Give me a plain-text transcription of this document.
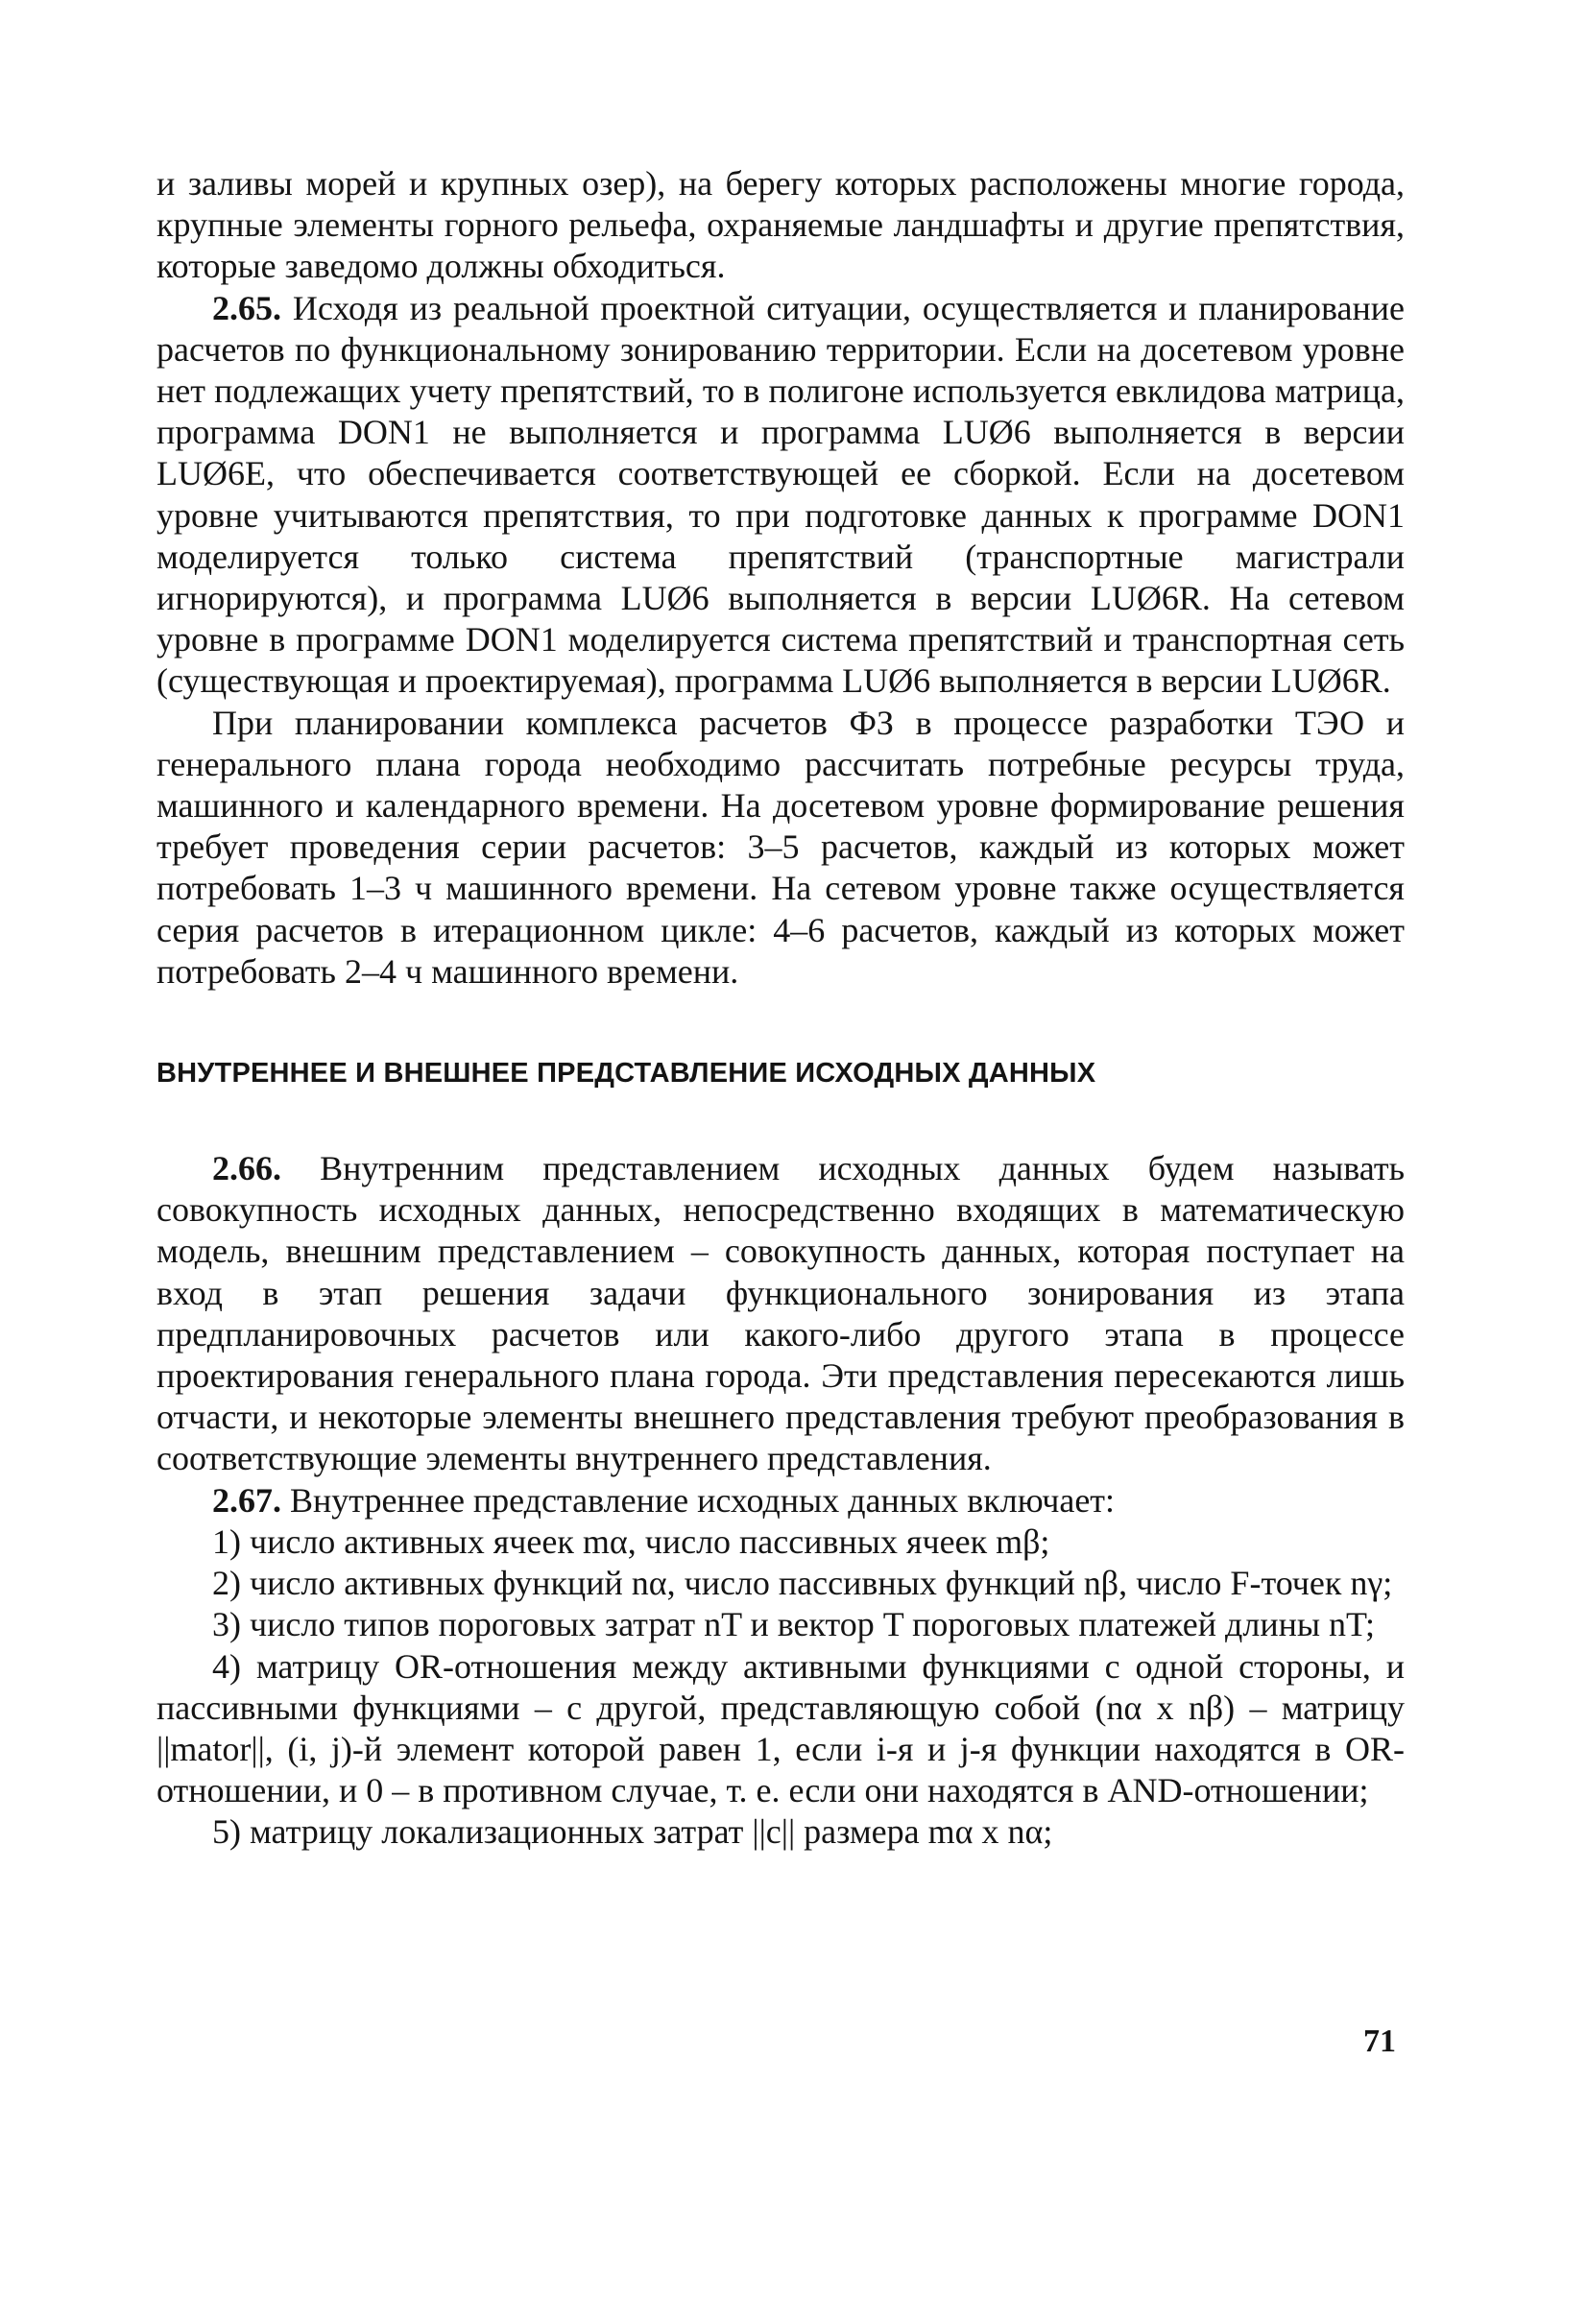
и заливы морей и крупных озер), на берегу которых расположены многие города, крупные элементы горного рельефа, охраняемые ландшафты и другие препятствия, которые заведомо должны обходиться.

2.65. Исходя из реальной проектной ситуации, осуществляется и планирование расчетов по функциональному зонированию территории. Если на досетевом уровне нет подлежащих учету препятствий, то в полигоне используется евклидова матрица, программа DON1 не выполняется и программа LUØ6 выполняется в версии LUØ6E, что обеспечивается соответствующей ее сборкой. Если на досетевом уровне учитываются препятствия, то при подготовке данных к программе DON1 моделируется только система препятствий (транспортные магистрали игнорируются), и программа LUØ6 выполняется в версии LUØ6R. На сетевом уровне в программе DON1 моделируется система препятствий и транспортная сеть (существующая и проектируемая), программа LUØ6 выполняется в версии LUØ6R.

При планировании комплекса расчетов ФЗ в процессе разработки ТЭО и генерального плана города необходимо рассчитать потребные ресурсы труда, машинного и календарного времени. На досетевом уровне формирование решения требует проведения серии расчетов: 3–5 расчетов, каждый из которых может потребовать 1–3 ч машинного времени. На сетевом уровне также осуществляется серия расчетов в итерационном цикле: 4–6 расчетов, каждый из которых может потребовать 2–4 ч машинного времени.

ВНУТРЕННЕЕ И ВНЕШНЕЕ ПРЕДСТАВЛЕНИЕ ИСХОДНЫХ ДАННЫХ

2.66. Внутренним представлением исходных данных будем называть совокупность исходных данных, непосредственно входящих в математическую модель, внешним представлением – совокупность данных, которая поступает на вход в этап решения задачи функционального зонирования из этапа предпланировочных расчетов или какого-либо другого этапа в процессе проектирования генерального плана города. Эти представления пересекаются лишь отчасти, и некоторые элементы внешнего представления требуют преобразования в соответствующие элементы внутреннего представления.

2.67. Внутреннее представление исходных данных включает:

1) число активных ячеек mα, число пассивных ячеек mβ;

2) число активных функций nα, число пассивных функций nβ, число F-точек nγ;

3) число типов пороговых затрат nT и вектор T пороговых платежей длины nT;

4) матрицу OR-отношения между активными функциями с одной стороны, и пассивными функциями – с другой, представляющую собой (nα x nβ) – матрицу ||mator||, (i, j)-й элемент которой равен 1, если i-я и j-я функции находятся в OR-отношении, и 0 – в противном случае, т. е. если они находятся в AND-отношении;

5) матрицу локализационных затрат ||c|| размера mα x nα;

71
